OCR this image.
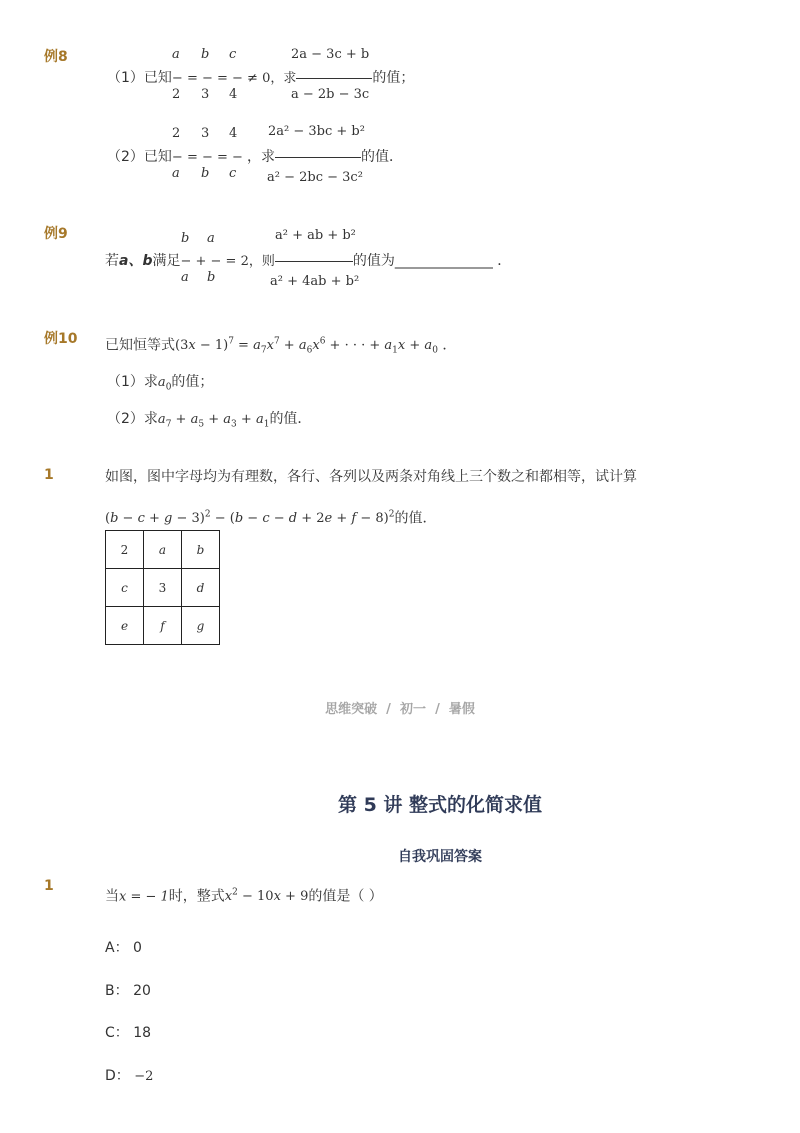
例8	a b c	2a − 3c + b
（1）已知− = − = − ≠ 0，求	的值；
2 3 4	a − 2b − 3c
2 3 4 2a² − 3bc + b²
（2）已知− = − = − ，求	的值．
a b c a² − 2bc − 3c²
例9	b a	a² + ab + b²
若a、b满足− + − = 2，则	的值为______________ ．
a b	a² + 4ab + b²
例10 已知恒等式$(3x - 1)^7 = a_7x^7 + a_6x^6$ + · · · + $a_1x + a_0$ ．
（1）求$a_0$的值；
（2）求$a_7 + a_5 + a_3 + a_1$的值．
1	如图，图中字母均为有理数，各行、各列以及两条对角线上三个数之和都相等，试计算
$(b - c + g - 3)^2 - (b - c - d + 2e + f - 8)^2$的值．
2	a	b
c	3	d
e	f	g
思维突破 / 初一 / 暑假
第 5 讲 整式的化简求值
自我巩固答案
1
当x = − 1时，整式$x^2 - 10x + 9$的值是（ ）
A： 0
B： 20
C： 18
D： −2
